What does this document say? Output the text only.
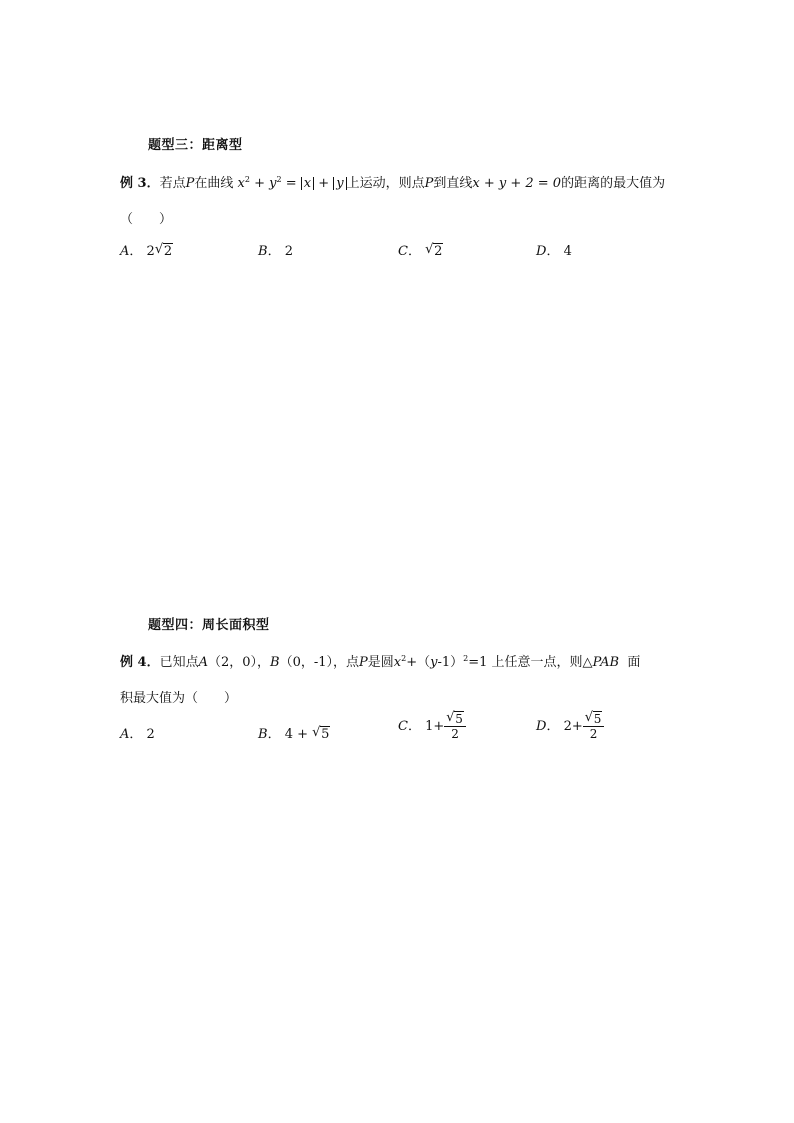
题型三：距离型
例 3．若点P在曲线 $x^2 + y^2 = x + y$ 上运动，则点P到直线x + y + 2 = 0的距离的最大值为
（　　）
A． 2 √ 2	B． 2	C． √ 2	D． 4
题型四：周长面积型
例 4．已知点A（2，0），B（0，-1），点P是圆$x^2+(y-1)^2=1$ 上任意一点，则△PAB 面
积最大值为（　　）
A． 2	B． 4 + √ 5
C． $1+ \frac{√ 5}{2}$	D． $2+ \frac{√ 5}{2}$
